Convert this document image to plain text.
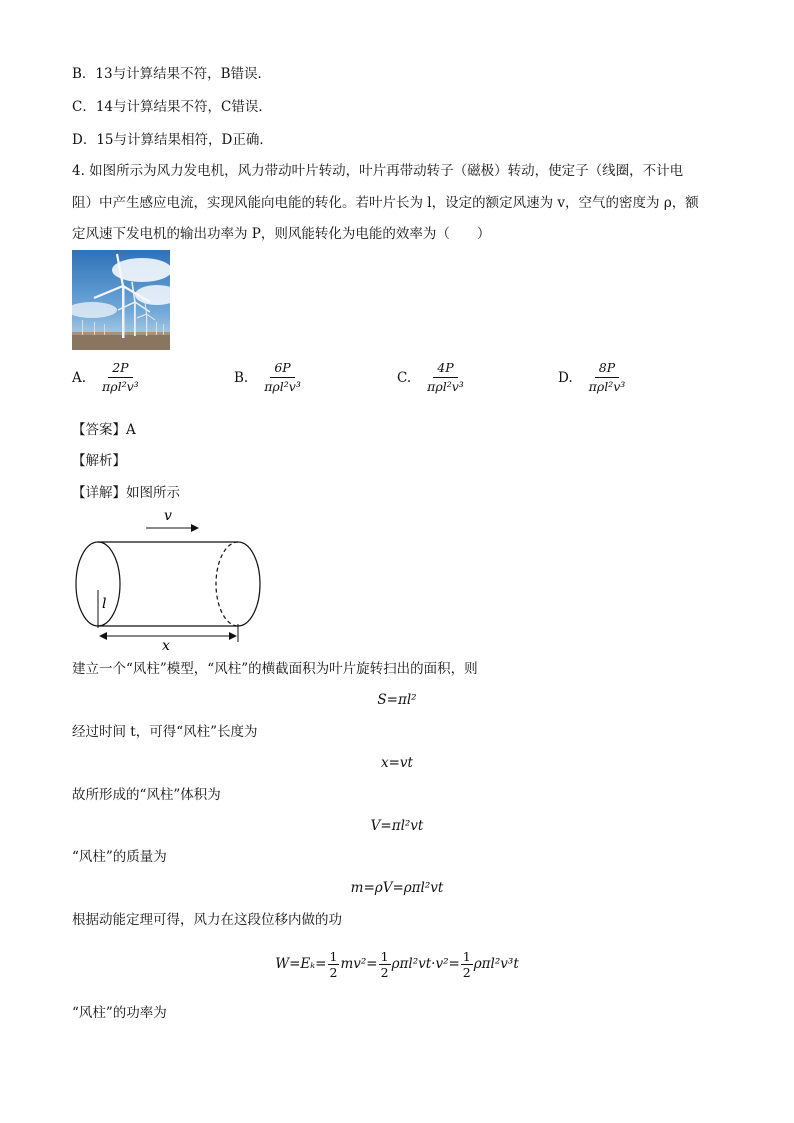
B．13与计算结果不符，B错误．
C．14与计算结果不符，C错误．
D．15与计算结果相符，D正确．
4. 如图所示为风力发电机，风力带动叶片转动，叶片再带动转子（磁极）转动，使定子（线圈，不计电
阻）中产生感应电流，实现风能向电能的转化。若叶片长为 l，设定的额定风速为 v，空气的密度为 ρ，额
定风速下发电机的输出功率为 P，则风能转化为电能的效率为（　　）
A. $\frac{2P}{\text{πρl²v³}}$	B. $\frac{6P}{\text{πρl²v³}}$	C. $\frac{4P}{\text{πρl²v³}}$	D. $\frac{8P}{\text{πρl²v³}}$
【答案】A
【解析】
【详解】如图所示
v
l
x
建立一个“风柱”模型，“风柱”的横截面积为叶片旋转扫出的面积，则
S=πl²
经过时间 t，可得“风柱”长度为
x=vt
故所形成的“风柱”体积为
V=πl²vt
“风柱”的质量为
m=ρV=ρπl²vt
根据动能定理可得，风力在这段位移内做的功
$W=E_k= \frac{1}{2} mv^2= \frac{1}{2} \rho\pi l^2vt\cdot v^2= \frac{1}{2} \rho\pi l^2v^3t$
“风柱”的功率为
